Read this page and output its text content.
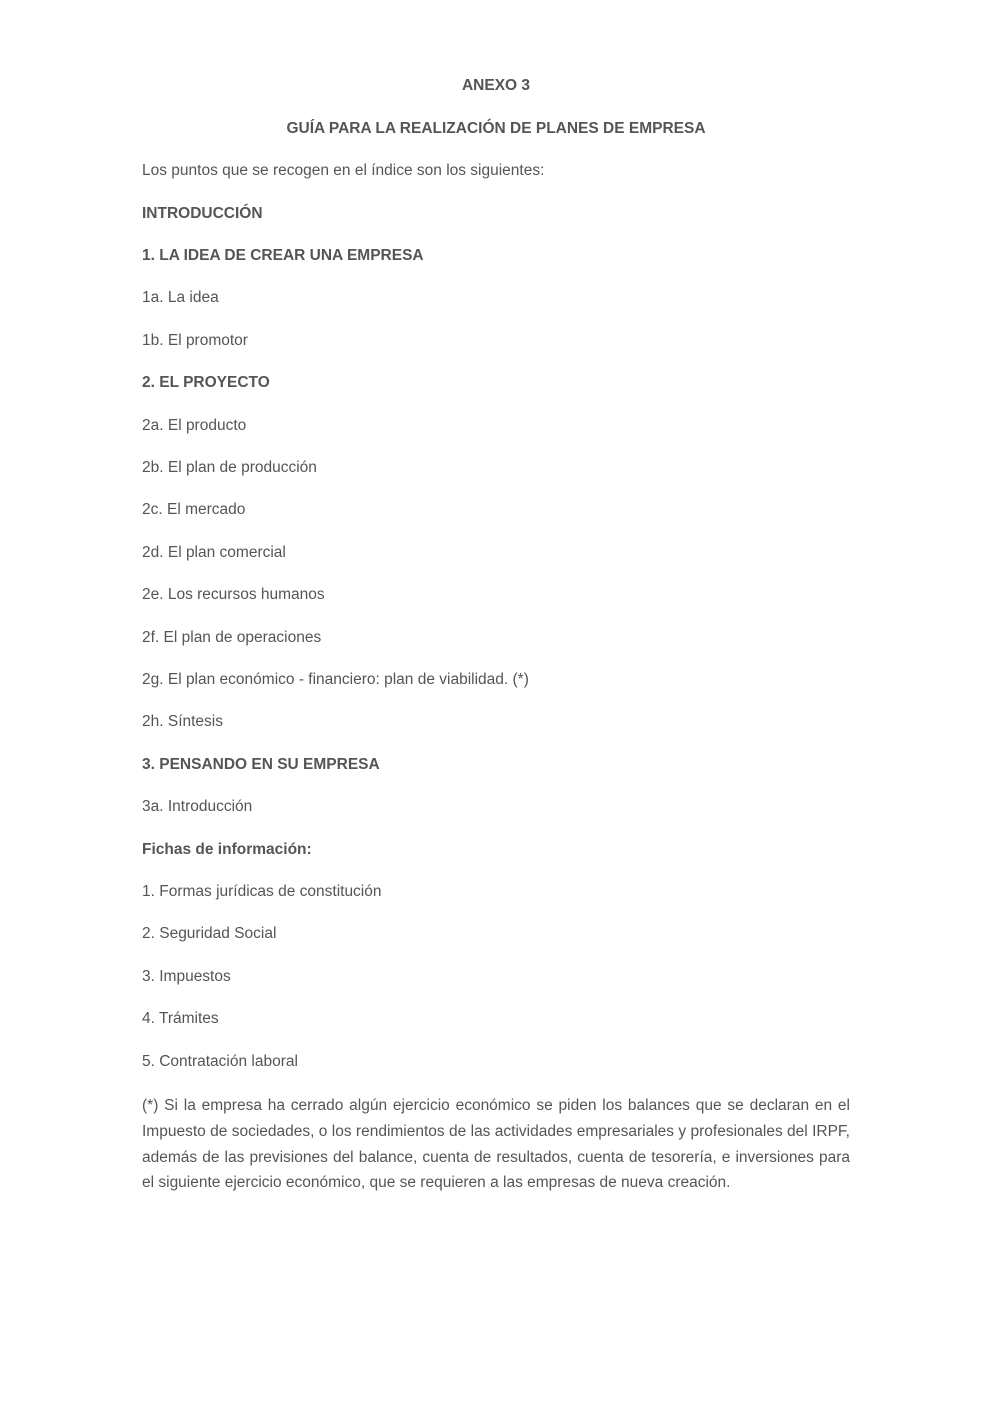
ANEXO 3
GUÍA PARA LA REALIZACIÓN DE PLANES DE EMPRESA
Los puntos que se recogen en el índice son los siguientes:
INTRODUCCIÓN
1. LA IDEA DE CREAR UNA EMPRESA
1a. La idea
1b. El promotor
2. EL PROYECTO
2a. El producto
2b. El plan de producción
2c. El mercado
2d. El plan comercial
2e. Los recursos humanos
2f. El plan de operaciones
2g. El plan económico - financiero: plan de viabilidad. (*)
2h. Síntesis
3. PENSANDO EN SU EMPRESA
3a. Introducción
Fichas de información:
1. Formas jurídicas de constitución
2. Seguridad Social
3. Impuestos
4. Trámites
5. Contratación laboral
(*) Si la empresa ha cerrado algún ejercicio económico se piden los balances que se declaran en el Impuesto de sociedades, o los rendimientos de las actividades empresariales y profesionales del IRPF, además de las previsiones del balance, cuenta de resultados, cuenta de tesorería, e inversiones para el siguiente ejercicio económico, que se requieren a las empresas de nueva creación.
